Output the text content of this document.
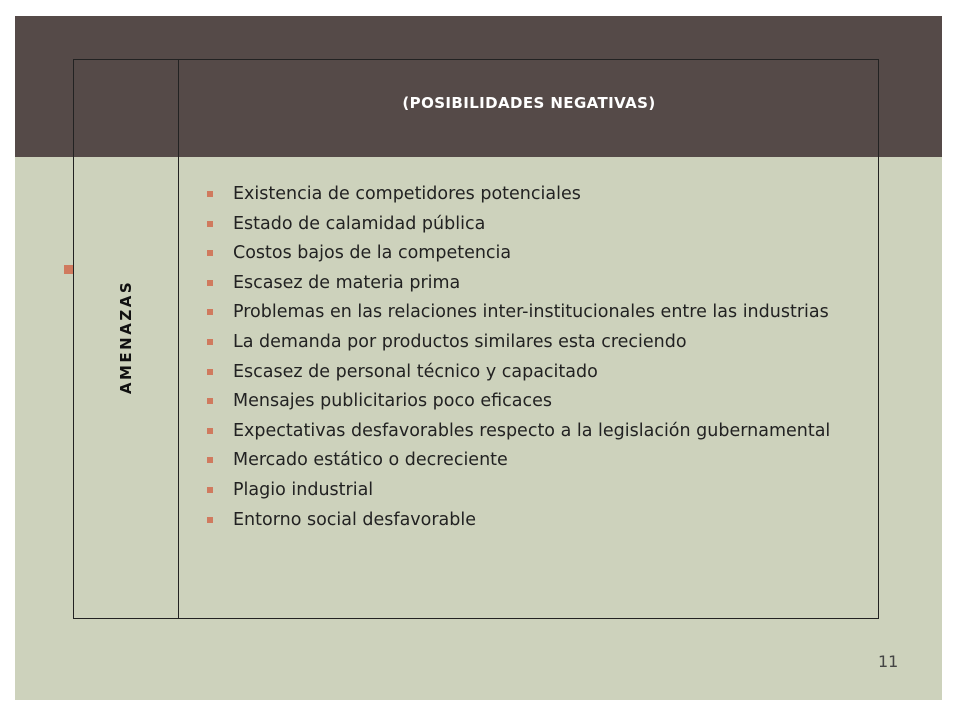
(POSIBILIDADES NEGATIVAS)
AMENAZAS
Existencia de competidores potenciales
Estado de calamidad pública
Costos bajos de la competencia
Escasez de materia prima
Problemas en las relaciones inter-institucionales entre las industrias
La demanda por productos similares esta creciendo
Escasez de personal técnico y capacitado
Mensajes publicitarios poco eficaces
Expectativas desfavorables respecto a la legislación gubernamental
Mercado estático o decreciente
Plagio industrial
Entorno social desfavorable
11
